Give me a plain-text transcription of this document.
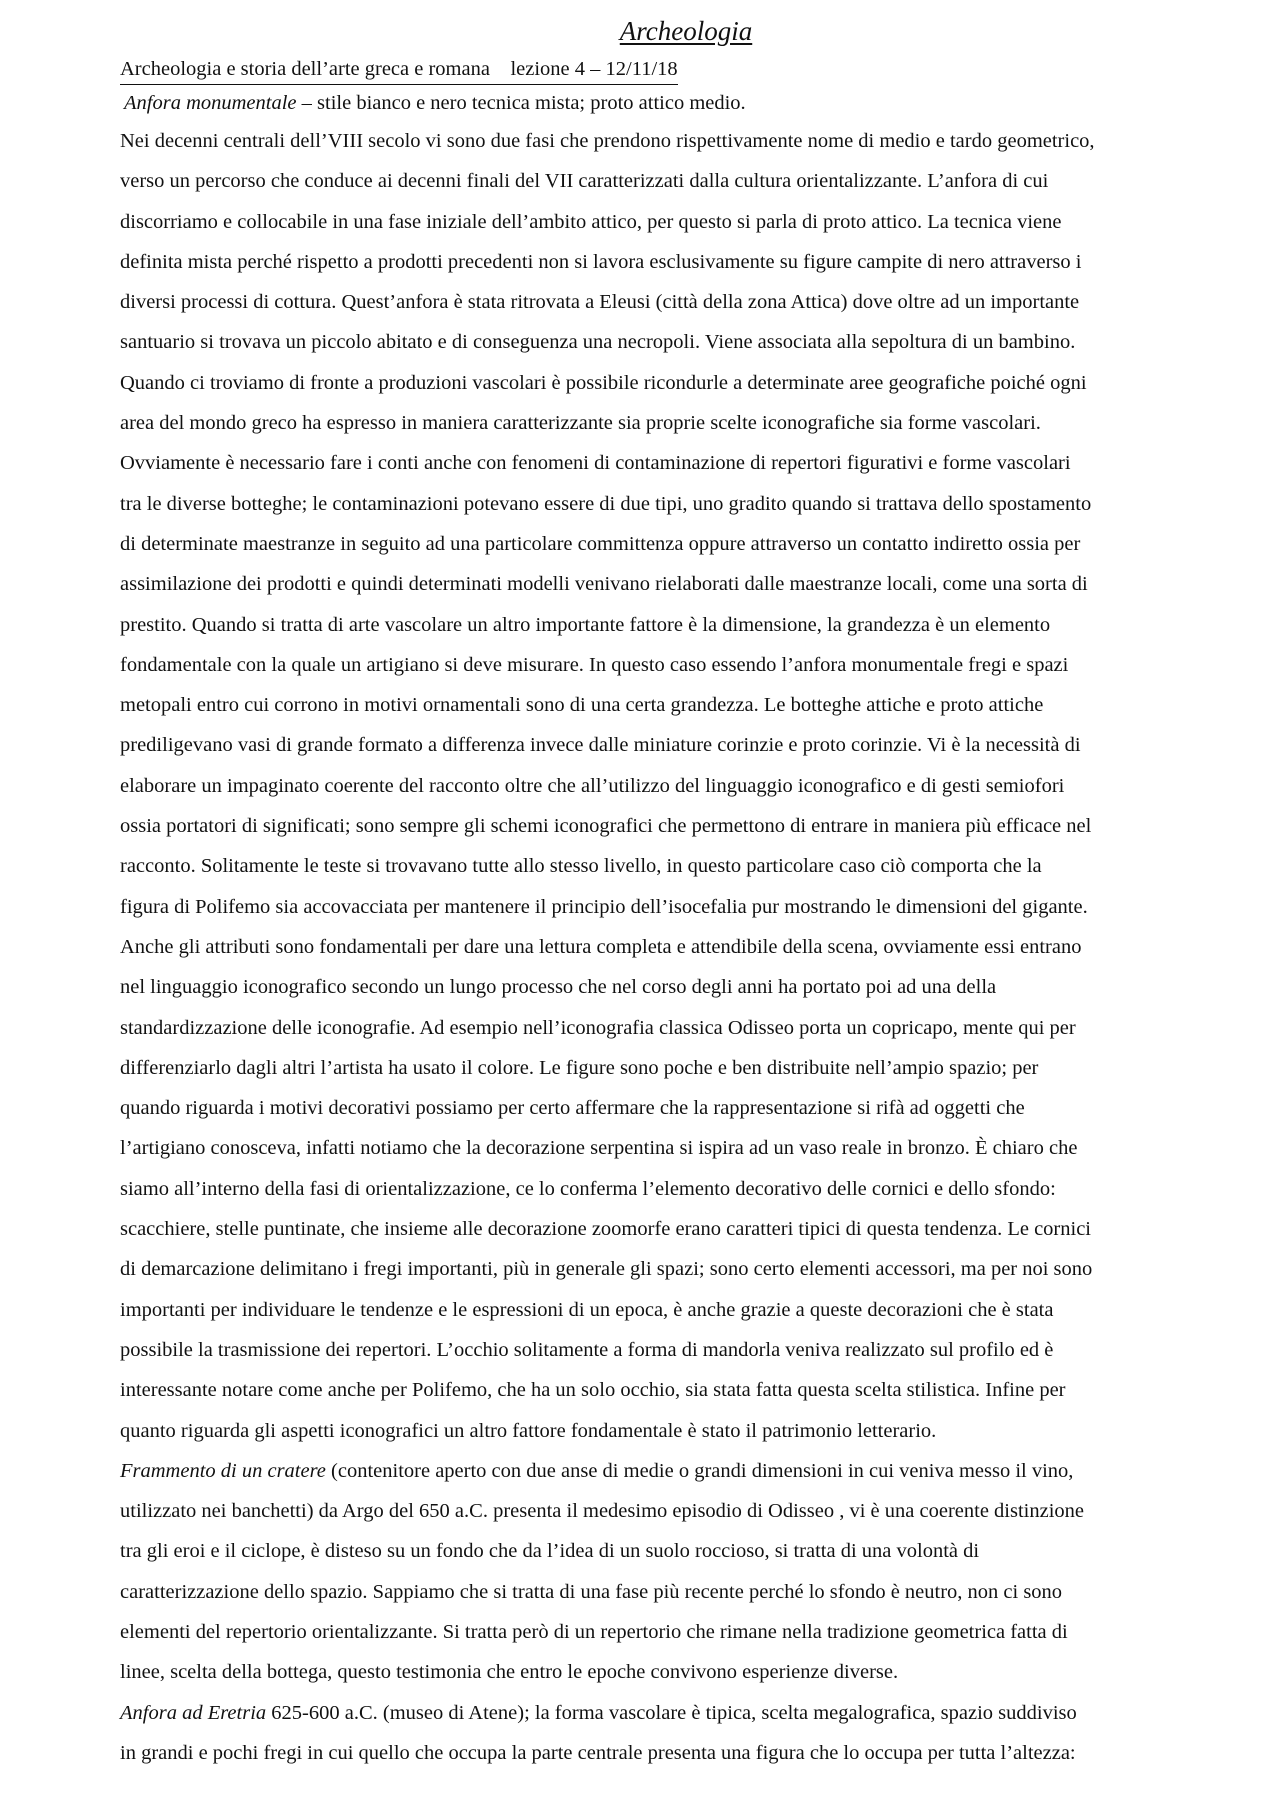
Archeologia
Archeologia e storia dell’arte greca e romana    lezione 4 – 12/11/18
Anfora monumentale – stile bianco e nero tecnica mista; proto attico medio.
Nei decenni centrali dell’VIII secolo vi sono due fasi che prendono rispettivamente nome di medio e tardo geometrico,
verso un percorso che conduce ai decenni finali del VII caratterizzati dalla cultura orientalizzante. L’anfora di cui
discorriamo e collocabile in una fase iniziale dell’ambito attico, per questo si parla di proto attico. La tecnica viene
definita mista perché rispetto a prodotti precedenti non si lavora esclusivamente su figure campite di nero attraverso i
diversi processi di cottura. Quest’anfora è stata ritrovata a Eleusi (città della zona Attica) dove oltre ad un importante
santuario si trovava un piccolo abitato e di conseguenza una necropoli. Viene associata alla sepoltura di un bambino.
Quando ci troviamo di fronte a produzioni vascolari è possibile ricondurle a determinate aree geografiche poiché ogni
area del mondo greco ha espresso in maniera caratterizzante sia proprie scelte iconografiche sia forme vascolari.
Ovviamente è necessario fare i conti anche con fenomeni di contaminazione di repertori figurativi e forme vascolari
tra le diverse botteghe; le contaminazioni potevano essere di due tipi, uno gradito quando si trattava dello spostamento
di determinate maestranze in seguito ad una particolare committenza oppure attraverso un contatto indiretto ossia per
assimilazione dei prodotti e quindi determinati modelli venivano rielaborati dalle maestranze locali, come una sorta di
prestito. Quando si tratta di arte vascolare un altro importante fattore è la dimensione, la grandezza è un elemento
fondamentale con la quale un artigiano si deve misurare. In questo caso essendo l’anfora monumentale fregi e spazi
metopali entro cui corrono in motivi ornamentali sono di una certa grandezza. Le botteghe attiche e proto attiche
prediligevano vasi di grande formato a differenza invece dalle miniature corinzie e proto corinzie. Vi è la necessità di
elaborare un impaginato coerente del racconto oltre che all’utilizzo del linguaggio iconografico e di gesti semiofori
ossia portatori di significati; sono sempre gli schemi iconografici che permettono di entrare in maniera più efficace nel
racconto. Solitamente le teste si trovavano tutte allo stesso livello, in questo particolare caso ciò comporta che la
figura di Polifemo sia accovacciata per mantenere il principio dell’isocefalia pur mostrando le dimensioni del gigante.
Anche gli attributi sono fondamentali per dare una lettura completa e attendibile della scena, ovviamente essi entrano
nel linguaggio iconografico secondo un lungo processo che nel corso degli anni ha portato poi ad una della
standardizzazione delle iconografie. Ad esempio nell’iconografia classica Odisseo porta un copricapo, mente qui per
differenziarlo dagli altri l’artista ha usato il colore. Le figure sono poche e ben distribuite nell’ampio spazio; per
quando riguarda i motivi decorativi possiamo per certo affermare che la rappresentazione si rifà ad oggetti che
l’artigiano conosceva, infatti notiamo che la decorazione serpentina si ispira ad un vaso reale in bronzo. È chiaro che
siamo all’interno della fasi di orientalizzazione, ce lo conferma l’elemento decorativo delle cornici e dello sfondo:
scacchiere, stelle puntinate, che insieme alle decorazione zoomorfe erano caratteri tipici di questa tendenza. Le cornici
di demarcazione delimitano i fregi importanti, più in generale gli spazi; sono certo elementi accessori, ma per noi sono
importanti per individuare le tendenze e le espressioni di un epoca, è anche grazie a queste decorazioni che è stata
possibile la trasmissione dei repertori. L’occhio solitamente a forma di mandorla veniva realizzato sul profilo ed è
interessante notare come anche per Polifemo, che ha un solo occhio, sia stata fatta questa scelta stilistica. Infine per
quanto riguarda gli aspetti iconografici un altro fattore fondamentale è stato il patrimonio letterario.
Frammento di un cratere (contenitore aperto con due anse di medie o grandi dimensioni in cui veniva messo il vino,
utilizzato nei banchetti) da Argo del 650 a.C. presenta il medesimo episodio di Odisseo , vi è una coerente distinzione
tra gli eroi e il ciclope, è disteso su un fondo che da l’idea di un suolo roccioso, si tratta di una volontà di
caratterizzazione dello spazio. Sappiamo che si tratta di una fase più recente perché lo sfondo è neutro, non ci sono
elementi del repertorio orientalizzante. Si tratta però di un repertorio che rimane nella tradizione geometrica fatta di
linee, scelta della bottega, questo testimonia che entro le epoche convivono esperienze diverse.
Anfora ad Eretria 625-600 a.C. (museo di Atene); la forma vascolare è tipica, scelta megalografica, spazio suddiviso
in grandi e pochi fregi in cui quello che occupa la parte centrale presenta una figura che lo occupa per tutta l’altezza:
